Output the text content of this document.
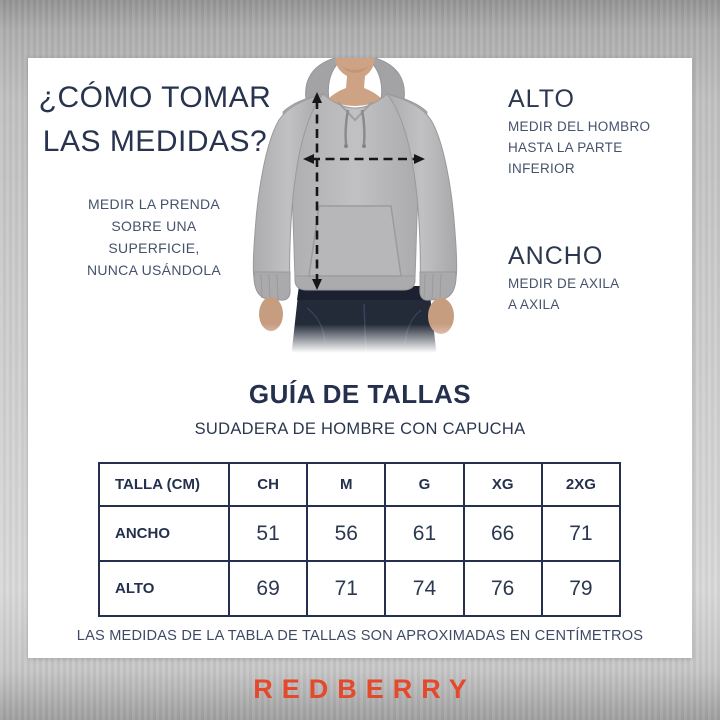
¿CÓMO TOMAR
LAS MEDIDAS?
MEDIR LA PRENDA
SOBRE UNA
SUPERFICIE,
NUNCA USÁNDOLA
ALTO
MEDIR DEL HOMBRO
HASTA LA PARTE
INFERIOR
ANCHO
MEDIR DE AXILA
A AXILA
GUÍA DE TALLAS
SUDADERA DE HOMBRE CON CAPUCHA
TALLA (CM)	CH	M	G	XG	2XG
ANCHO	51	56	61	66	71
ALTO	69	71	74	76	79
LAS MEDIDAS DE LA TABLA DE TALLAS SON APROXIMADAS EN CENTÍMETROS
REDBERRY
